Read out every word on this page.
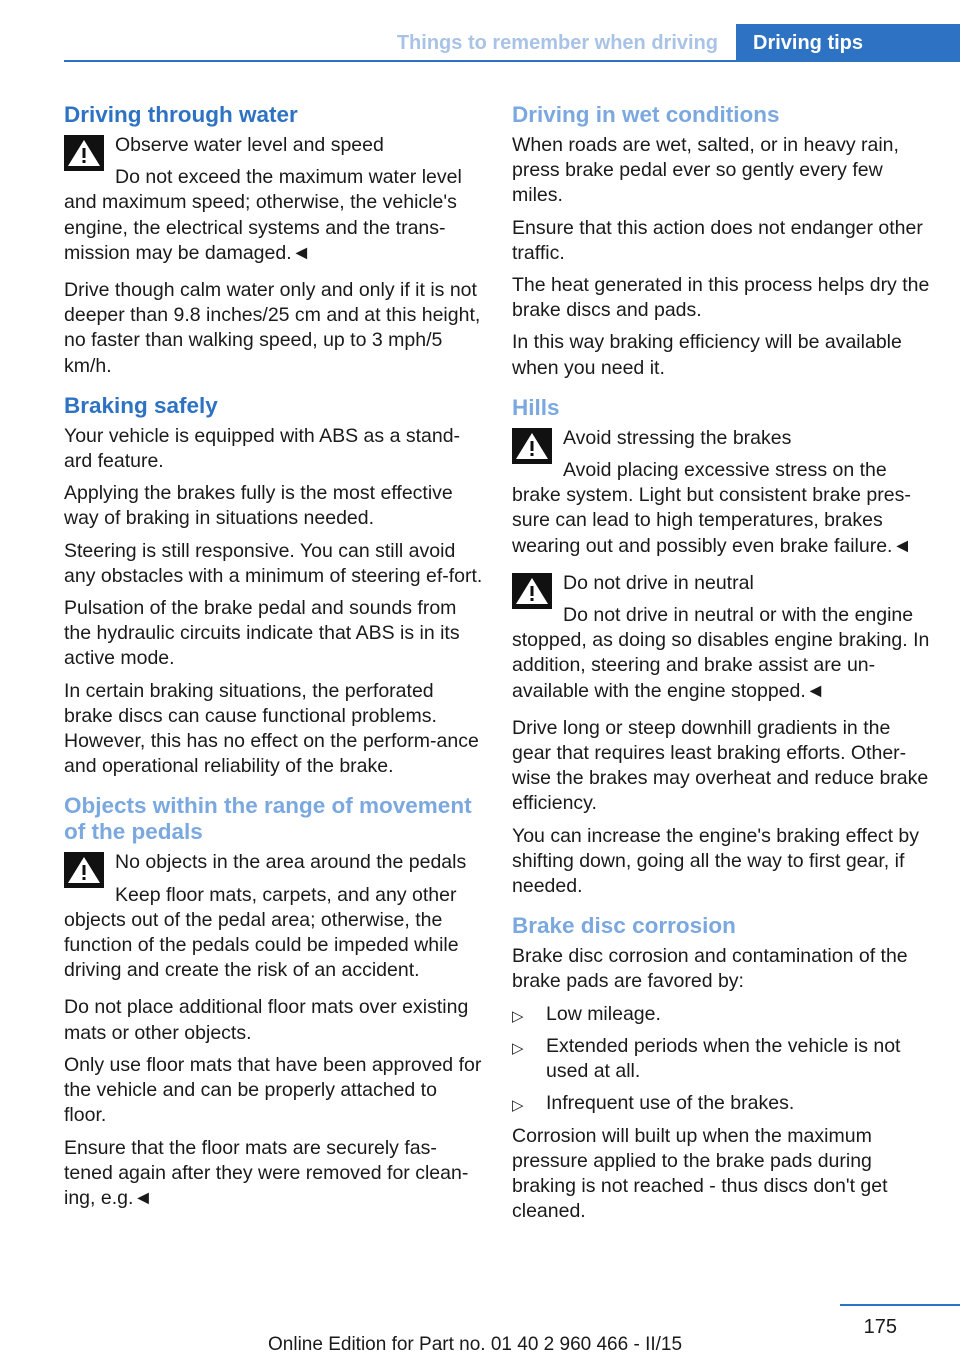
Things to remember when driving	Driving tips
Driving through water
Observe water level and speed
Do not exceed the maximum water level and maximum speed; otherwise, the vehicle's engine, the electrical systems and the trans-mission may be damaged.◄

Drive though calm water only and only if it is not deeper than 9.8 inches/25 cm and at this height, no faster than walking speed, up to 3 mph/5 km/h.

Braking safely

Your vehicle is equipped with ABS as a stand-ard feature.

Applying the brakes fully is the most effective way of braking in situations needed.

Steering is still responsive. You can still avoid any obstacles with a minimum of steering ef-fort.

Pulsation of the brake pedal and sounds from the hydraulic circuits indicate that ABS is in its active mode.

In certain braking situations, the perforated brake discs can cause functional problems. However, this has no effect on the perform-ance and operational reliability of the brake.

Objects within the range of movement of the pedals
No objects in the area around the pedals
Keep floor mats, carpets, and any other objects out of the pedal area; otherwise, the function of the pedals could be impeded while driving and create the risk of an accident.

Do not place additional floor mats over existing mats or other objects.

Only use floor mats that have been approved for the vehicle and can be properly attached to floor.

Ensure that the floor mats are securely fas-tened again after they were removed for clean-ing, e.g.◄

Driving in wet conditions

When roads are wet, salted, or in heavy rain, press brake pedal ever so gently every few miles.

Ensure that this action does not endanger other traffic.

The heat generated in this process helps dry the brake discs and pads.

In this way braking efficiency will be available when you need it.

Hills
Avoid stressing the brakes
Avoid placing excessive stress on the brake system. Light but consistent brake pres-sure can lead to high temperatures, brakes wearing out and possibly even brake failure.◄
Do not drive in neutral
Do not drive in neutral or with the engine stopped, as doing so disables engine braking. In addition, steering and brake assist are un-available with the engine stopped.◄

Drive long or steep downhill gradients in the gear that requires least braking efforts. Other-wise the brakes may overheat and reduce brake efficiency.

You can increase the engine's braking effect by shifting down, going all the way to first gear, if needed.

Brake disc corrosion

Brake disc corrosion and contamination of the brake pads are favored by:

▷ Low mileage.
▷ Extended periods when the vehicle is not used at all.
▷ Infrequent use of the brakes.

Corrosion will built up when the maximum pressure applied to the brake pads during braking is not reached - thus discs don't get cleaned.

175
Online Edition for Part no. 01 40 2 960 466 - II/15
